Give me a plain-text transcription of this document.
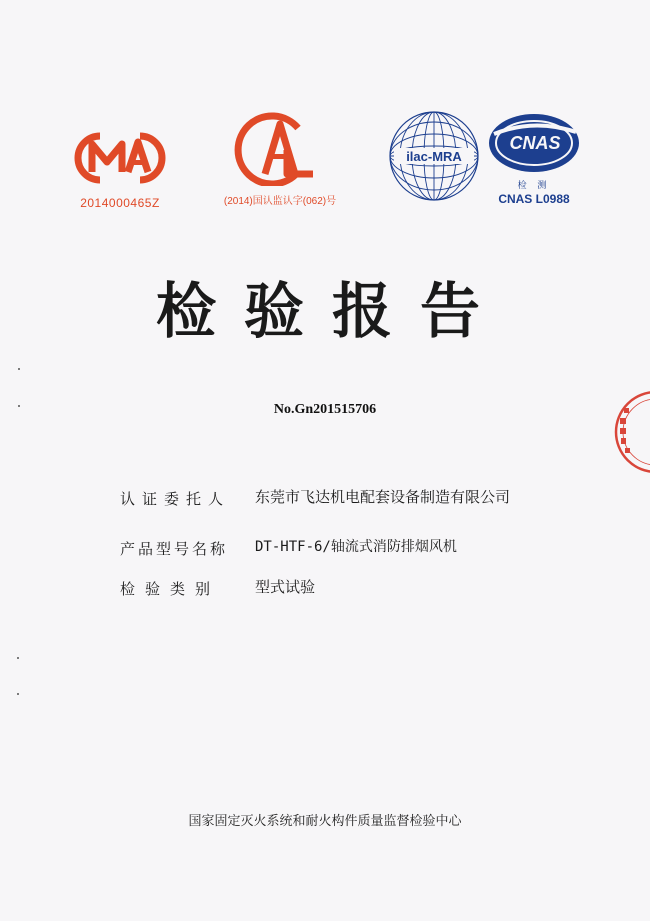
2014000465Z	(2014)国认监认字(062)号
ilac-MRA
CNAS
检 测
CNAS L0988
检验报告
No.Gn201515706
认证委托人	东莞市飞达机电配套设备制造有限公司
产品型号名称	DT-HTF-6/轴流式消防排烟风机
检验类别	型式试验
国家固定灭火系统和耐火构件质量监督检验中心
